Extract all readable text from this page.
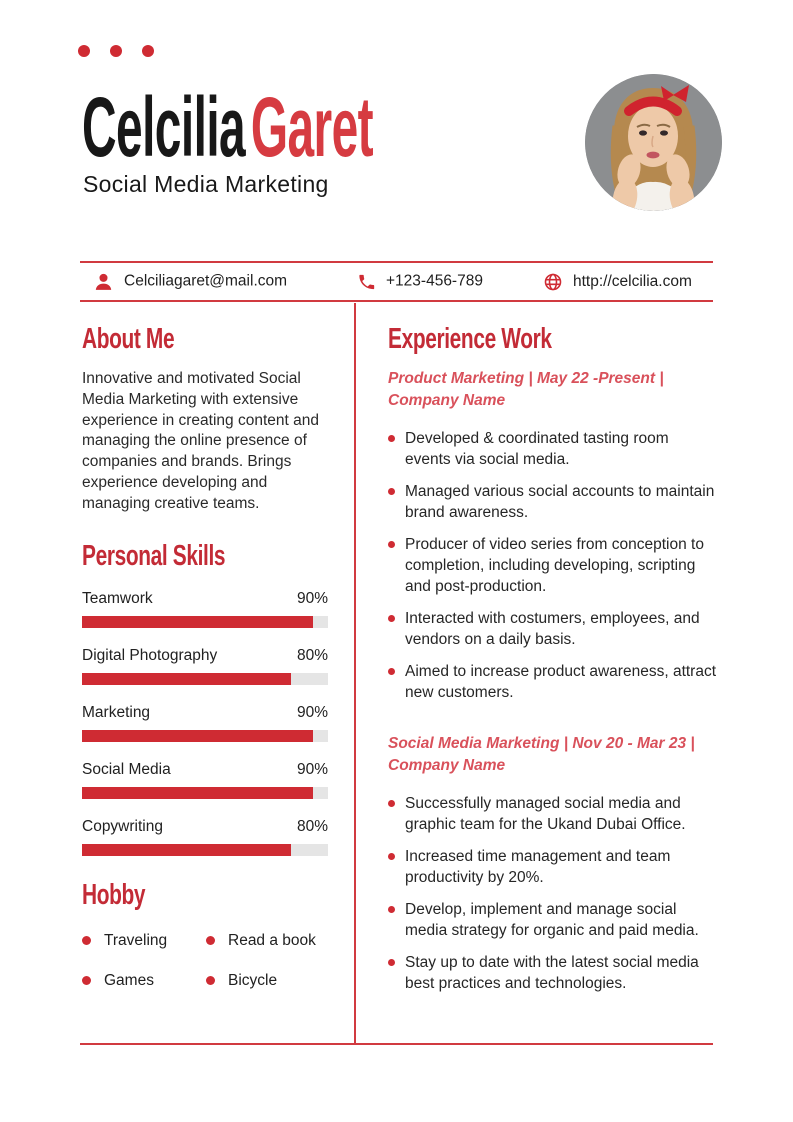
CelciliaGaret
Social Media Marketing
Celciliagaret@mail.com	+123-456-789	http://celcilia.com
About Me

Innovative and motivated Social Media Marketing with extensive experience in creating content and managing the online presence of companies and brands. Brings experience developing and managing creative teams.

Personal Skills
Teamwork	90%
Digital Photography	80%
Marketing	90%
Social Media	90%
Copywriting	80%
Hobby
Traveling	Read a book
Games	Bicycle
Experience Work
Product Marketing | May 22 -Present | Company Name
Developed & coordinated tasting room events via social media.
Managed various social accounts to maintain brand awareness.
Producer of video series from conception to completion, including developing, scripting and post-production.
Interacted with costumers, employees, and vendors on a daily basis.
Aimed to increase product awareness, attract new customers.
Social Media Marketing | Nov 20 - Mar 23 | Company Name
Successfully managed social media and graphic team for the Ukand Dubai Office.
Increased time management and team productivity by 20%.
Develop, implement and manage social media strategy for organic and paid media.
Stay up to date with the latest social media best practices and technologies.
